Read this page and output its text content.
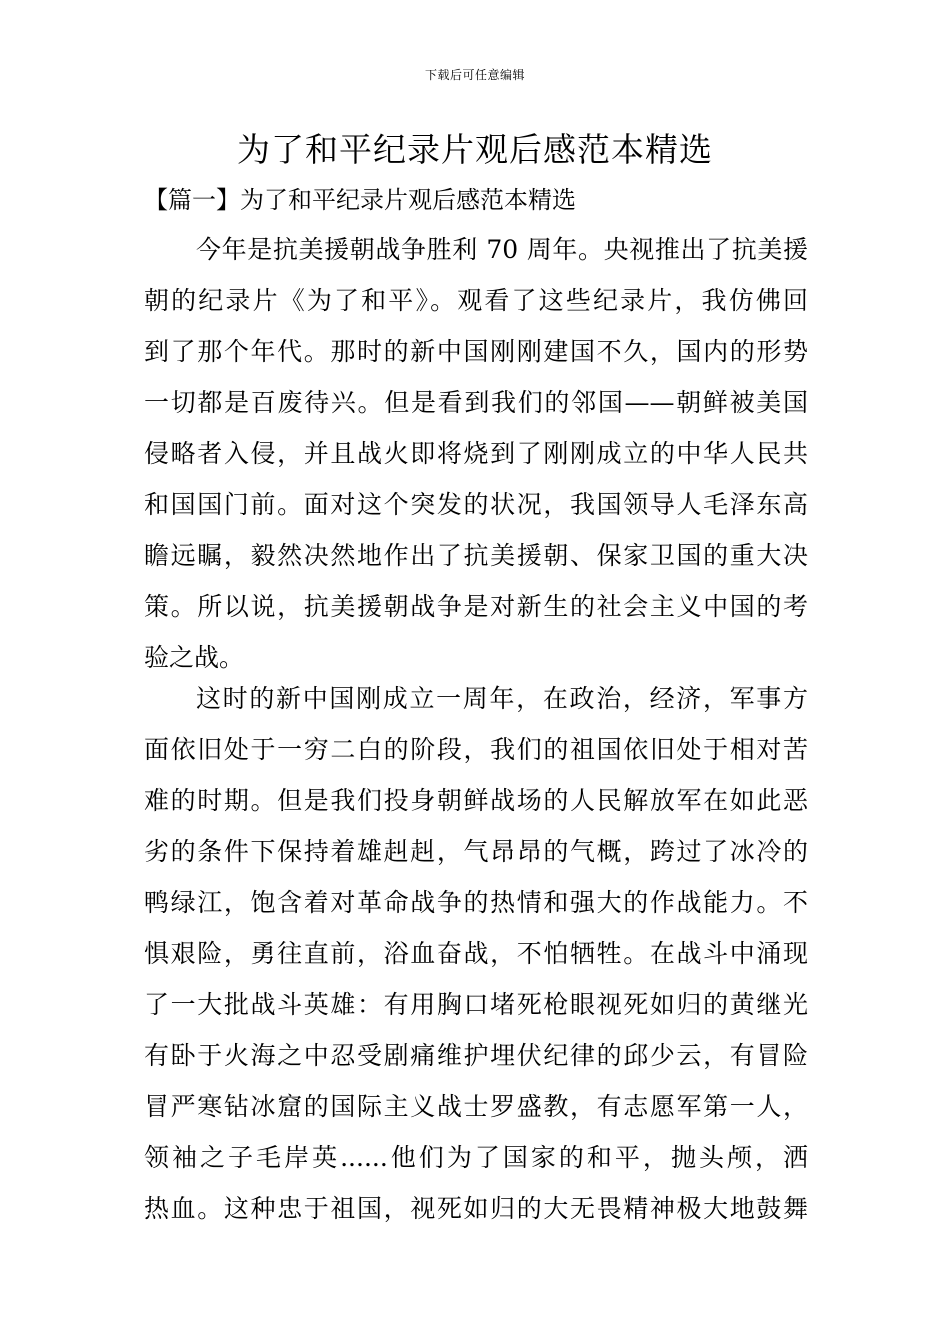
下载后可任意编辑
为了和平纪录片观后感范本精选
【篇一】为了和平纪录片观后感范本精选
今年是抗美援朝战争胜利 70 周年。央视推出了抗美援
朝的纪录片《为了和平》。观看了这些纪录片，我仿佛回
到了那个年代。那时的新中国刚刚建国不久，国内的形势
一切都是百废待兴。但是看到我们的邻国——朝鲜被美国
侵略者入侵，并且战火即将烧到了刚刚成立的中华人民共
和国国门前。面对这个突发的状况，我国领导人毛泽东高
瞻远瞩，毅然决然地作出了抗美援朝、保家卫国的重大决
策。所以说，抗美援朝战争是对新生的社会主义中国的考
验之战。
这时的新中国刚成立一周年，在政治，经济，军事方
面依旧处于一穷二白的阶段，我们的祖国依旧处于相对苦
难的时期。但是我们投身朝鲜战场的人民解放军在如此恶
劣的条件下保持着雄赳赳，气昂昂的气概，跨过了冰冷的
鸭绿江，饱含着对革命战争的热情和强大的作战能力。不
惧艰险，勇往直前，浴血奋战，不怕牺牲。在战斗中涌现
了一大批战斗英雄：有用胸口堵死枪眼视死如归的黄继光
有卧于火海之中忍受剧痛维护埋伏纪律的邱少云，有冒险
冒严寒钻冰窟的国际主义战士罗盛教，有志愿军第一人，
领袖之子毛岸英......他们为了国家的和平，抛头颅，洒
热血。这种忠于祖国，视死如归的大无畏精神极大地鼓舞
